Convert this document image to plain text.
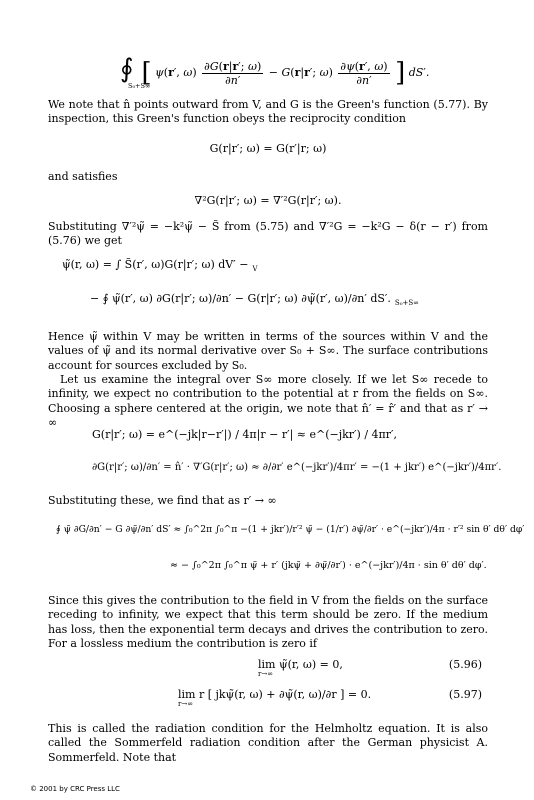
∮
S₀+S∞
[ ψ(r′, $\omega) \frac{\partial G(r|r'; \omega)}{\partial n'} - G(r|r'$; $\omega) \frac{\partial\psi(r', \omega)}{\partial n'}$ ] dS′.

We note that n̂ points outward from V, and G is the Green's function (5.77). By inspection, this Green's function obeys the reciprocity condition

G(r|r′; ω) = G(r′|r; ω)

and satisfies

∇²G(r|r′; ω) = ∇′²G(r|r′; ω).

Substituting ∇′²ψ̃ = −k²ψ̃ − S̃ from (5.75) and ∇′²G = −k²G − δ(r − r′) from (5.76) we get

ψ̃(r, ω) = ∫ S̃(r′, ω)G(r|r′; ω) dV′ − $_V$
− ∮ ψ̃(r′, ω) ∂G(r|r′; ω)/∂n′ − G(r|r′; ω) ∂ψ̃(r′, ω)/∂n′ dS′. $_{S_0+S\infty}$

Hence ψ̃ within V may be written in terms of the sources within V and the values of ψ̃ and its normal derivative over S₀ + S∞. The surface contributions account for sources excluded by S₀.

Let us examine the integral over S∞ more closely. If we let S∞ recede to infinity, we expect no contribution to the potential at r from the fields on S∞. Choosing a sphere centered at the origin, we note that n̂′ = r̂′ and that as r′ → ∞

G(r|r′; ω) = e^(−jk|r−r′|) / 4π|r − r′| ≈ e^(−jkr′) / 4πr′,
∂G(r|r′; ω)/∂n′ = n̂′ · ∇′G(r|r′; ω) ≈ ∂/∂r′ e^(−jkr′)/4πr′ = −(1 + jkr′) e^(−jkr′)/4πr′.

Substituting these, we find that as r′ → ∞

∮ ψ̃ ∂G/∂n′ − G ∂ψ̃/∂n′ dS′ ≈ ∫₀^2π ∫₀^π −(1 + jkr′)/r′² ψ̃ − (1/r′) ∂ψ̃/∂r′ · e^(−jkr′)/4π · r′² sin θ′ dθ′ dφ′
≈ − ∫₀^2π ∫₀^π ψ̃ + r′ (jkψ̃ + ∂ψ̃/∂r′) · e^(−jkr′)/4π · sin θ′ dθ′ dφ′.

Since this gives the contribution to the field in V from the fields on the surface receding to infinity, we expect that this term should be zero. If the medium has loss, then the exponential term decays and drives the contribution to zero. For a lossless medium the contribution is zero if

lim ψ̃(r, ω) = 0,
r→∞
(5.96)
lim r [ jkψ̃(r, ω) + ∂ψ̃(r, ω)/∂r ] = 0.
r→∞
(5.97)

This is called the radiation condition for the Helmholtz equation. It is also called the Sommerfeld radiation condition after the German physicist A. Sommerfeld. Note that

© 2001 by CRC Press LLC
